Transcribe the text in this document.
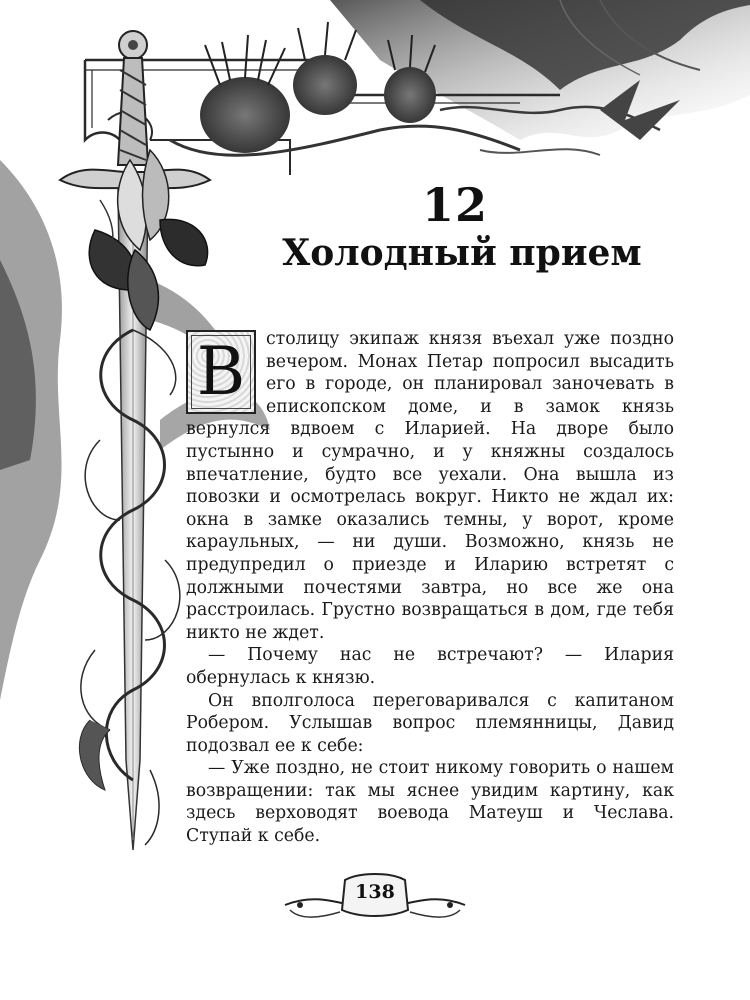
12
Холодный прием
В	столицу экипаж князя въехал уже поздно вечером. Монах Петар попросил высадить его в городе, он планировал заночевать в епископском доме, и в замок князь вернулся вдвоем с Иларией. На дворе было пустынно и сумрачно, и у княжны создалось впечатление, будто все уехали. Она вышла из повозки и осмотрелась вокруг. Никто не ждал их: окна в замке оказались темны, у ворот, кроме караульных, — ни души. Возможно, князь не предупредил о приезде и Иларию встретят с должными почестями завтра, но все же она расстроилась. Грустно возвращаться в дом, где тебя никто не ждет.

— Почему нас не встречают? — Илария обернулась к князю.

Он вполголоса переговаривался с капитаном Робером. Услышав вопрос племянницы, Давид подозвал ее к себе:

— Уже поздно, не стоит никому говорить о нашем возвращении: так мы яснее увидим картину, как здесь верховодят воевода Матеуш и Чеслава. Ступай к себе.

138
